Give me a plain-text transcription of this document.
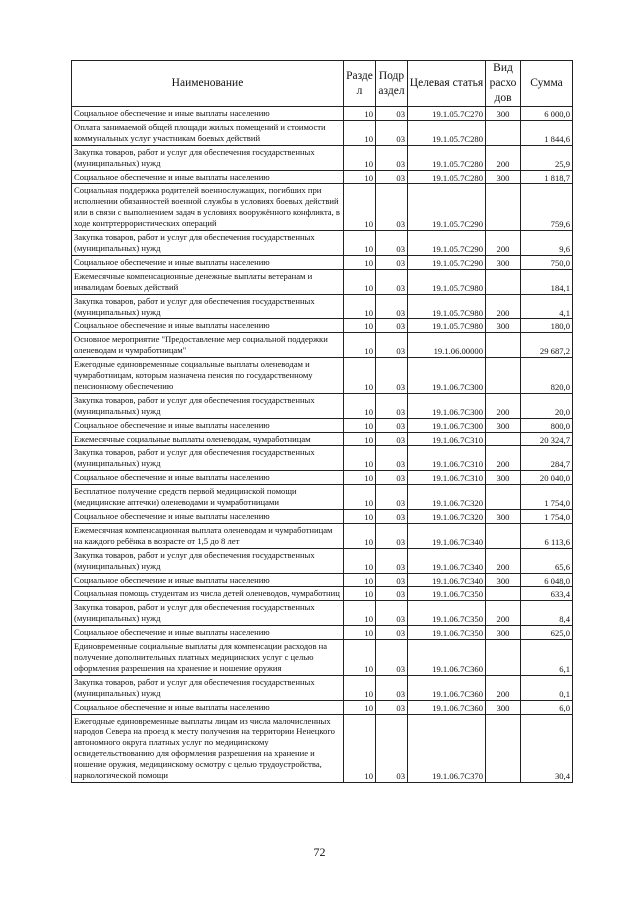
Наименование	Разде л	Подр аздел	Целевая статья	Вид расхо дов	Сумма
Социальное обеспечение и иные выплаты населению	10	03	19.1.05.7С270	300	6 000,0
Оплата занимаемой общей площади жилых помещений и стоимости коммунальных услуг участникам боевых действий	10	03	19.1.05.7С280		1 844,6
Закупка товаров, работ и услуг для обеспечения государственных (муниципальных) нужд	10	03	19.1.05.7С280	200	25,9
Социальное обеспечение и иные выплаты населению	10	03	19.1.05.7С280	300	1 818,7
Социальная поддержка родителей военнослужащих, погибших при исполнении обязанностей военной службы в условиях боевых действий или в связи с выполнением задач в условиях вооружённого конфликта, в ходе контртеррористических операций	10	03	19.1.05.7С290		759,6
Закупка товаров, работ и услуг для обеспечения государственных (муниципальных) нужд	10	03	19.1.05.7С290	200	9,6
Социальное обеспечение и иные выплаты населению	10	03	19.1.05.7С290	300	750,0
Ежемесячные компенсационные денежные выплаты ветеранам и инвалидам боевых действий	10	03	19.1.05.7С980		184,1
Закупка товаров, работ и услуг для обеспечения государственных (муниципальных) нужд	10	03	19.1.05.7С980	200	4,1
Социальное обеспечение и иные выплаты населению	10	03	19.1.05.7С980	300	180,0
Основное мероприятие "Предоставление мер социальной поддержки оленеводам и чумработницам"	10	03	19.1.06.00000		29 687,2
Ежегодные единовременные социальные выплаты оленеводам и чумработницам, которым назначена пенсия по государственному пенсионному обеспечению	10	03	19.1.06.7С300		820,0
Закупка товаров, работ и услуг для обеспечения государственных (муниципальных) нужд	10	03	19.1.06.7С300	200	20,0
Социальное обеспечение и иные выплаты населению	10	03	19.1.06.7С300	300	800,0
Ежемесячные социальные выплаты оленеводам, чумработницам	10	03	19.1.06.7С310		20 324,7
Закупка товаров, работ и услуг для обеспечения государственных (муниципальных) нужд	10	03	19.1.06.7С310	200	284,7
Социальное обеспечение и иные выплаты населению	10	03	19.1.06.7С310	300	20 040,0
Бесплатное получение средств первой медицинской помощи (медицинские аптечки) оленеводами и чумработницами	10	03	19.1.06.7С320		1 754,0
Социальное обеспечение и иные выплаты населению	10	03	19.1.06.7С320	300	1 754,0
Ежемесячная компенсационная выплата оленеводам и чумработницам на каждого ребёнка в возрасте от 1,5 до 8 лет	10	03	19.1.06.7С340		6 113,6
Закупка товаров, работ и услуг для обеспечения государственных (муниципальных) нужд	10	03	19.1.06.7С340	200	65,6
Социальное обеспечение и иные выплаты населению	10	03	19.1.06.7С340	300	6 048,0
Социальная помощь студентам из числа детей оленеводов, чумработниц	10	03	19.1.06.7С350		633,4
Закупка товаров, работ и услуг для обеспечения государственных (муниципальных) нужд	10	03	19.1.06.7С350	200	8,4
Социальное обеспечение и иные выплаты населению	10	03	19.1.06.7С350	300	625,0
Единовременные социальные выплаты для компенсации расходов на получение дополнительных платных медицинских услуг с целью оформления разрешения на хранение и ношение оружия	10	03	19.1.06.7С360		6,1
Закупка товаров, работ и услуг для обеспечения государственных (муниципальных) нужд	10	03	19.1.06.7С360	200	0,1
Социальное обеспечение и иные выплаты населению	10	03	19.1.06.7С360	300	6,0
Ежегодные единовременные выплаты лицам из числа малочисленных народов Севера на проезд к месту получения на территории Ненецкого автономного округа платных услуг по медицинскому освидетельствованию для оформления разрешения на хранение и ношение оружия, медицинскому осмотру с целью трудоустройства, наркологической помощи	10	03	19.1.06.7С370		30,4
72
